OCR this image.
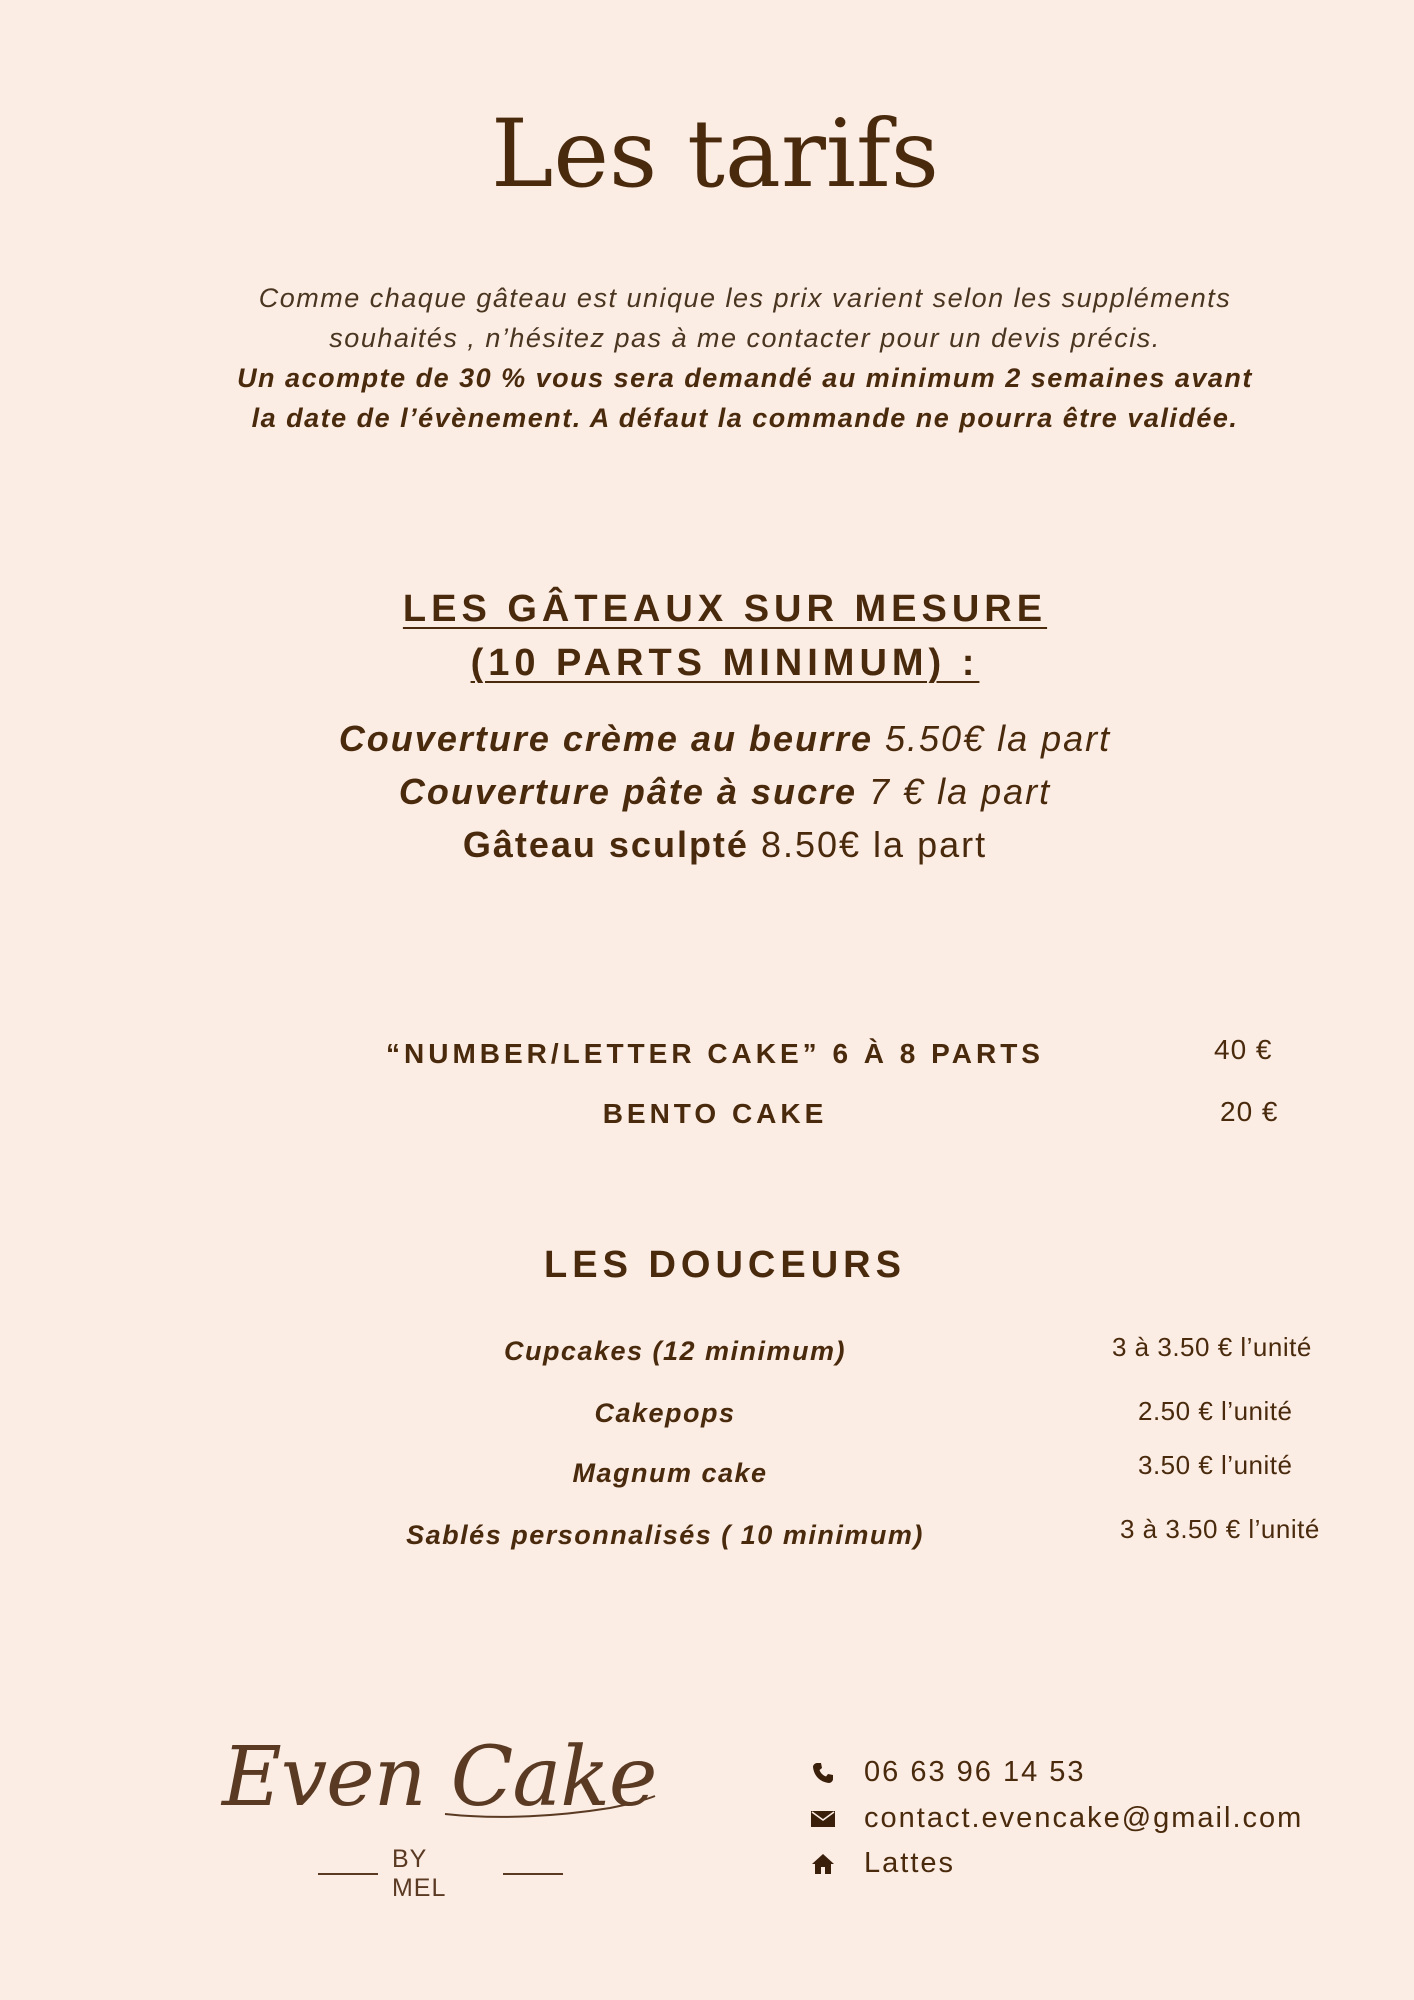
Les tarifs
Comme chaque gâteau est unique les prix varient selon les suppléments
souhaités , n’hésitez pas à me contacter pour un devis précis.
Un acompte de 30 % vous sera demandé au minimum 2 semaines avant
la date de l’évènement. A défaut la commande ne pourra être validée.
LES GÂTEAUX SUR MESURE
(10 PARTS MINIMUM) :
Couverture crème au beurre 5.50€ la part
Couverture pâte à sucre 7 € la part
Gâteau sculpté 8.50€ la part
“NUMBER/LETTER CAKE” 6 À 8 PARTS	40 €
BENTO CAKE	20 €
LES DOUCEURS
Cupcakes (12 minimum)	3 à 3.50 € l’unité
Cakepops	2.50 € l’unité
Magnum cake	3.50 € l’unité
Sablés personnalisés ( 10 minimum)	3 à 3.50 € l’unité
Even Cake
BY MEL
06 63 96 14 53
contact.evencake@gmail.com
Lattes
